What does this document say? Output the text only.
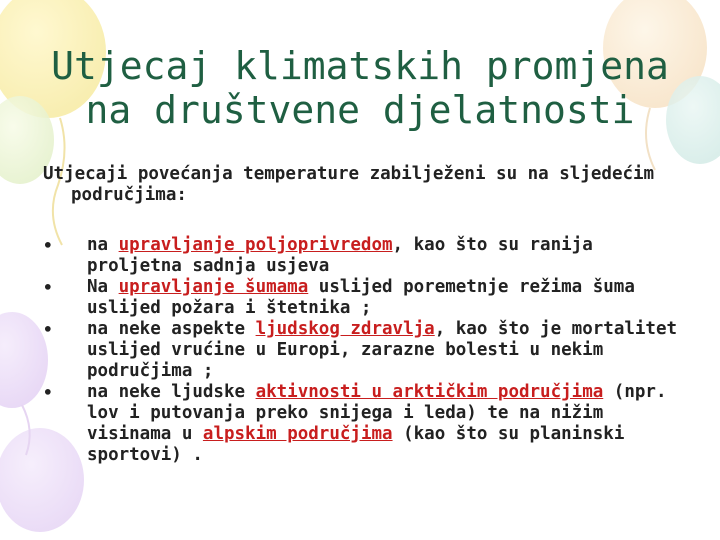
Utjecaj klimatskih promjena
na društvene djelatnosti
Utjecaji povećanja temperature zabilježeni su na sljedećim područjima:
• na upravljanje poljoprivredom, kao što su ranija proljetna sadnja usjeva
• Na upravljanje šumama uslijed poremetnje režima šuma uslijed požara i štetnika ;
• na neke aspekte ljudskog zdravlja, kao što je mortalitet uslijed vrućine u Europi, zarazne bolesti u nekim područjima ;
• na neke ljudske aktivnosti u arktičkim područjima (npr. lov i putovanja preko snijega i leda) te na nižim visinama u alpskim područjima (kao što su planinski sportovi) .
